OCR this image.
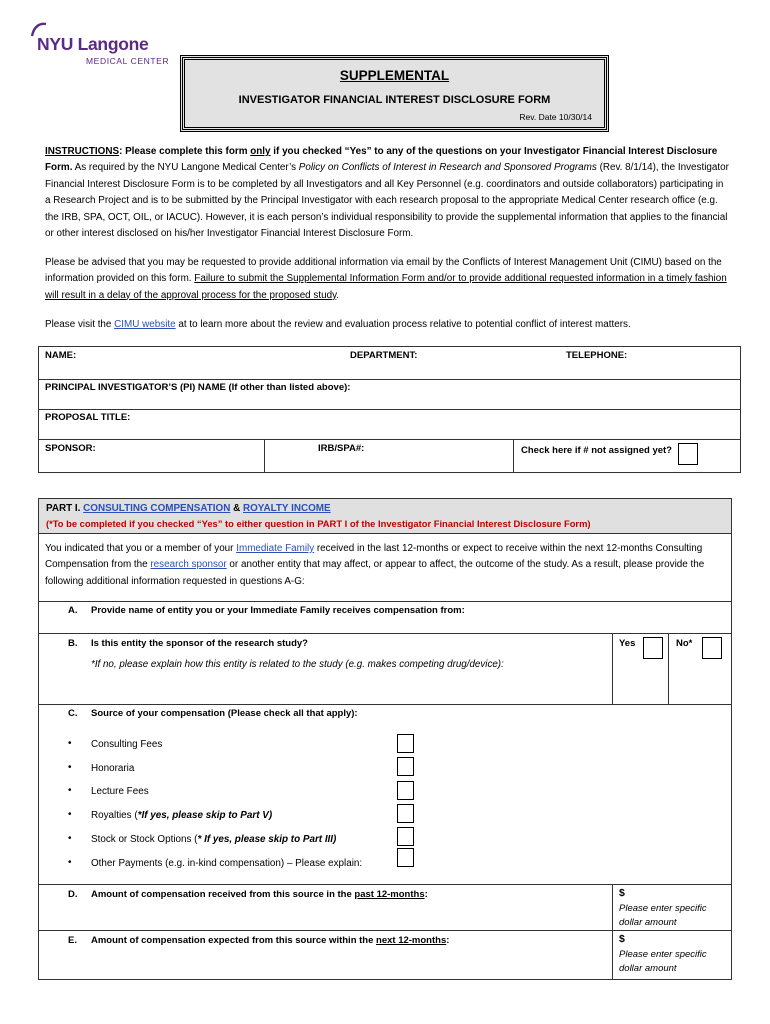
NYU Langone
MEDICAL CENTER
SUPPLEMENTAL
INVESTIGATOR FINANCIAL INTEREST DISCLOSURE FORM
Rev. Date 10/30/14
INSTRUCTIONS: Please complete this form only if you checked “Yes” to any of the questions on your Investigator Financial Interest Disclosure Form. As required by the NYU Langone Medical Center’s Policy on Conflicts of Interest in Research and Sponsored Programs (Rev. 8/1/14), the Investigator Financial Interest Disclosure Form is to be completed by all Investigators and all Key Personnel (e.g. coordinators and outside collaborators) participating in a Research Project and is to be submitted by the Principal Investigator with each research proposal to the appropriate Medical Center research office (e.g. the IRB, SPA, OCT, OIL, or IACUC). However, it is each person’s individual responsibility to provide the supplemental information that applies to the financial or other interest disclosed on his/her Investigator Financial Interest Disclosure Form.
Please be advised that you may be requested to provide additional information via email by the Conflicts of Interest Management Unit (CIMU) based on the information provided on this form. Failure to submit the Supplemental Information Form and/or to provide additional requested information in a timely fashion will result in a delay of the approval process for the proposed study.
Please visit the CIMU website at to learn more about the review and evaluation process relative to potential conflict of interest matters.
NAME:	DEPARTMENT:	TELEPHONE:
PRINCIPAL INVESTIGATOR’S (PI) NAME (If other than listed above):
PROPOSAL TITLE:
SPONSOR:	IRB/SPA#:	Check here if # not assigned yet?
PART I. CONSULTING COMPENSATION & ROYALTY INCOME
(*To be completed if you checked “Yes” to either question in PART I of the Investigator Financial Interest Disclosure Form)
You indicated that you or a member of your Immediate Family received in the last 12-months or expect to receive within the next 12-months Consulting Compensation from the research sponsor or another entity that may affect, or appear to affect, the outcome of the study. As a result, please provide the following additional information requested in questions A-G:
A. Provide name of entity you or your Immediate Family receives compensation from:
B. Is this entity the sponsor of the research study?	Yes	No*
*If no, please explain how this entity is related to the study (e.g. makes competing drug/device):
C. Source of your compensation (Please check all that apply):
• Consulting Fees
• Honoraria
• Lecture Fees
• Royalties (*If yes, please skip to Part V)
• Stock or Stock Options (* If yes, please skip to Part III)
• Other Payments (e.g. in-kind compensation) – Please explain:
D. Amount of compensation received from this source in the past 12-months:	$
Please enter specific
dollar amount
E. Amount of compensation expected from this source within the next 12-months:	$
Please enter specific
dollar amount
